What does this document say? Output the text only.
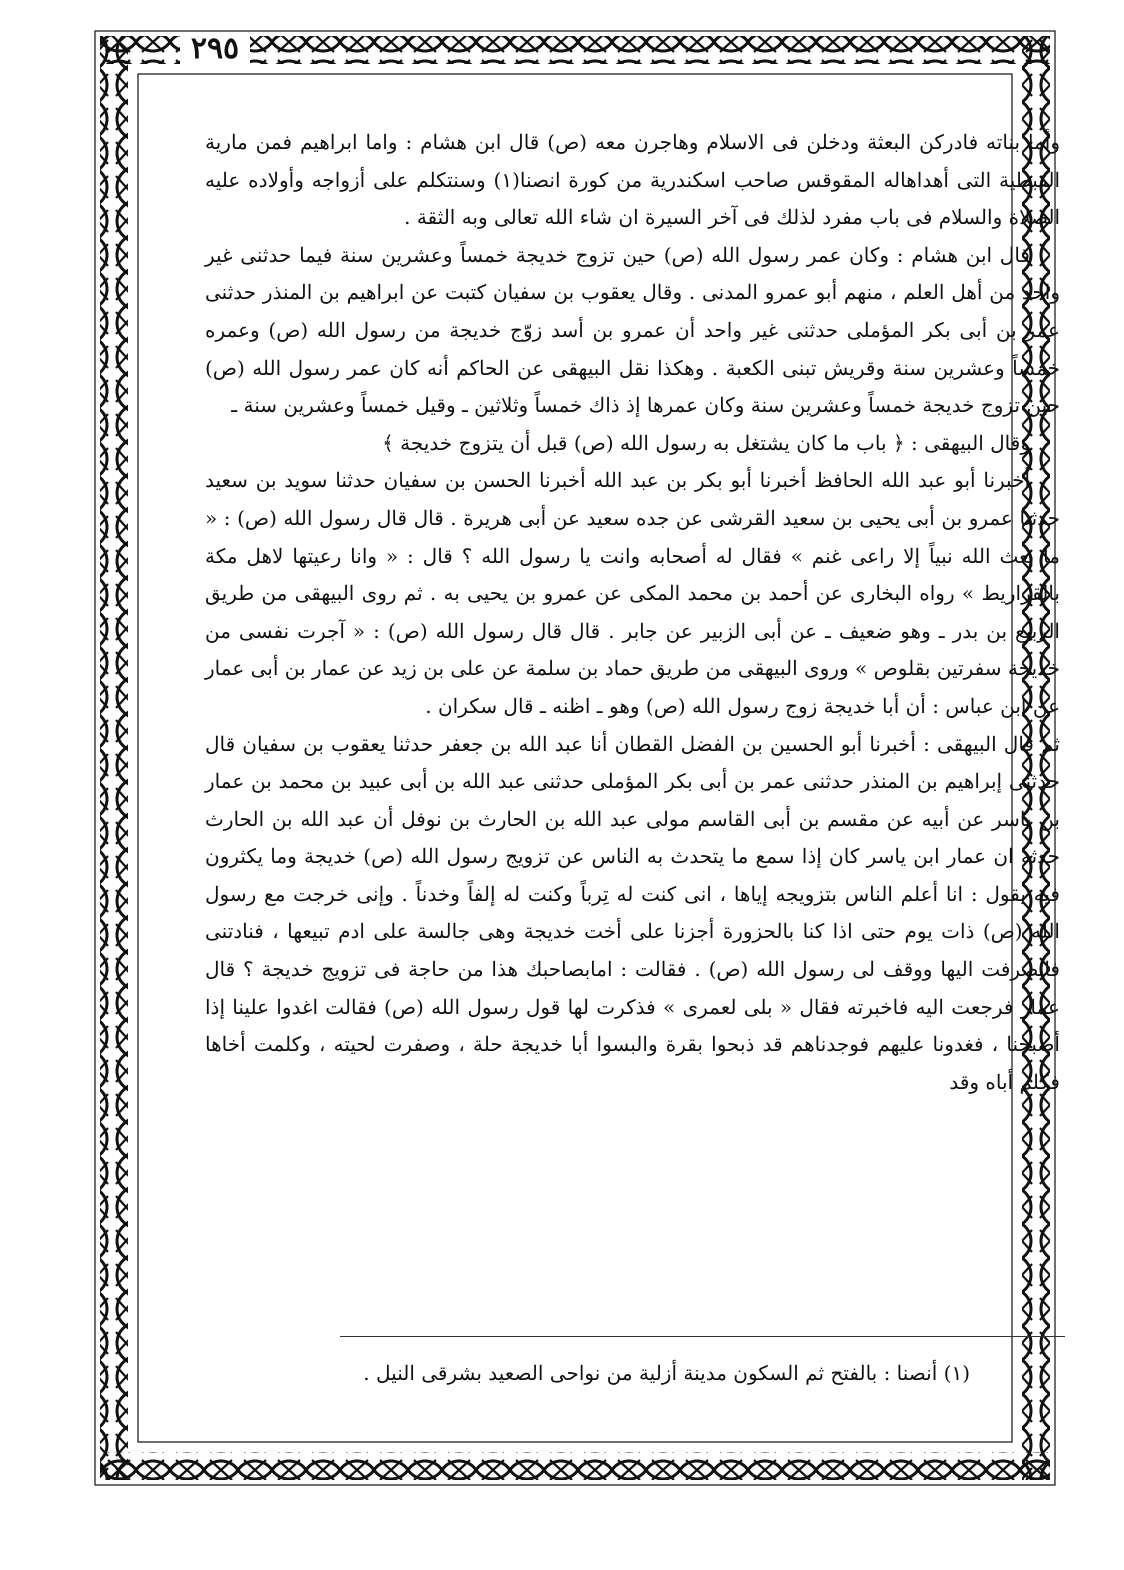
٢٩٥

وأما بناته فادركن البعثة ودخلن فى الاسلام وهاجرن معه (ص) قال ابن هشام : واما ابراهيم فمن مارية القبطية التى أهداهاله المقوقس صاحب اسكندرية من كورة انصنا(١) وسنتكلم على أزواجه وأولاده عليه الصلاة والسلام فى باب مفرد لذلك فى آخر السيرة ان شاء الله تعالى وبه الثقة .

قال ابن هشام : وكان عمر رسول الله (ص) حين تزوج خديجة خمساً وعشرين سنة فيما حدثنى غير واحد من أهل العلم ، منهم أبو عمرو المدنى . وقال يعقوب بن سفيان كتبت عن ابراهيم بن المنذر حدثنى عمر بن أبى بكر المؤملى حدثنى غير واحد أن عمرو بن أسد زوّج خديجة من رسول الله (ص) وعمره خمساً وعشرين سنة وقريش تبنى الكعبة . وهكذا نقل البيهقى عن الحاكم أنه كان عمر رسول الله (ص) حين تزوج خديجة خمساً وعشرين سنة وكان عمرها إذ ذاك خمساً وثلاثين ـ وقيل خمساً وعشرين سنة ـ

وقال البيهقى : ﴿ باب ما كان يشتغل به رسول الله (ص) قبل أن يتزوج خديجة ﴾

أخبرنا أبو عبد الله الحافظ أخبرنا أبو بكر بن عبد الله أخبرنا الحسن بن سفيان حدثنا سويد بن سعيد حدثنا عمرو بن أبى يحيى بن سعيد القرشى عن جده سعيد عن أبى هريرة . قال قال رسول الله (ص) : « ما بعث الله نبياً إلا راعى غنم » فقال له أصحابه وانت يا رسول الله ؟ قال : « وانا رعيتها لاهل مكة بالقراريط » رواه البخارى عن أحمد بن محمد المكى عن عمرو بن يحيى به . ثم روى البيهقى من طريق الربيع بن بدر ـ وهو ضعيف ـ عن أبى الزبير عن جابر . قال قال رسول الله (ص) : « آجرت نفسى من خديجة سفرتين بقلوص » وروى البيهقى من طريق حماد بن سلمة عن على بن زيد عن عمار بن أبى عمار عن ابن عباس : أن أبا خديجة زوج رسول الله (ص) وهو ـ اظنه ـ قال سكران .

ثم قال البيهقى : أخبرنا أبو الحسين بن الفضل القطان أنا عبد الله بن جعفر حدثنا يعقوب بن سفيان قال حدثنى إبراهيم بن المنذر حدثنى عمر بن أبى بكر المؤملى حدثنى عبد الله بن أبى عبيد بن محمد بن عمار بن ياسر عن أبيه عن مقسم بن أبى القاسم مولى عبد الله بن الحارث بن نوفل أن عبد الله بن الحارث حدثه ان عمار ابن ياسر كان إذا سمع ما يتحدث به الناس عن تزويج رسول الله (ص) خديجة وما يكثرون فيه يقول : انا أعلم الناس بتزويجه إياها ، انى كنت له تِرباً وكنت له إلفاً وخدناً . وإنى خرجت مع رسول الله (ص) ذات يوم حتى اذا كنا بالحزورة أجزنا على أخت خديجة وهى جالسة على ادم تبيعها ، فنادتنى فانصرفت اليها ووقف لى رسول الله (ص) . فقالت : امابصاحبك هذا من حاجة فى تزويج خديجة ؟ قال عمار فرجعت اليه فاخبرته فقال « بلى لعمرى » فذكرت لها قول رسول الله (ص) فقالت اغدوا علينا إذا أصبحنا ، فغدونا عليهم فوجدناهم قد ذبحوا بقرة والبسوا أبا خديجة حلة ، وصفرت لحيته ، وكلمت أخاها فكلم أباه وقد

(١) أنصنا : بالفتح ثم السكون مدينة أزلية من نواحى الصعيد بشرقى النيل .
